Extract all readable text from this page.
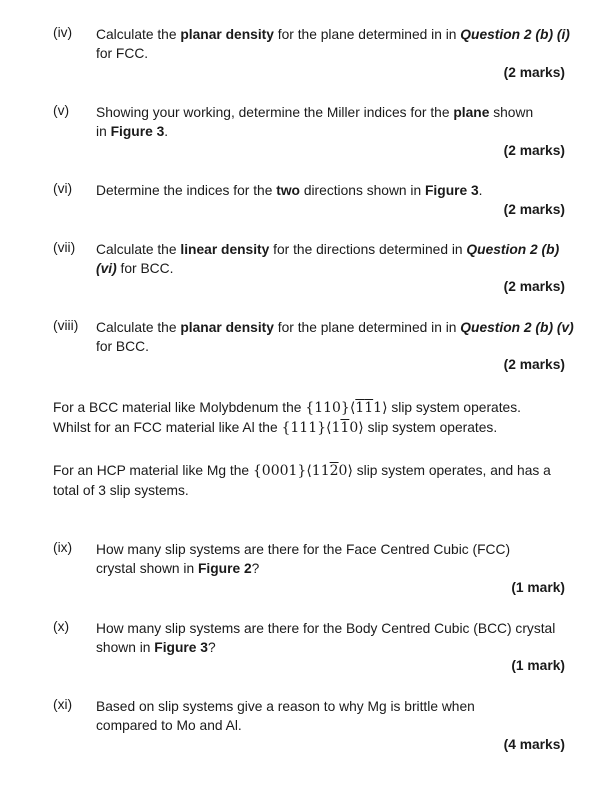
(iv) Calculate the planar density for the plane determined in in Question 2 (b) (i) for FCC.
(2 marks)
(v) Showing your working, determine the Miller indices for the plane shown in Figure 3.
(2 marks)
(vi) Determine the indices for the two directions shown in Figure 3.
(2 marks)
(vii) Calculate the linear density for the directions determined in Question 2 (b) (vi) for BCC.
(2 marks)
(viii) Calculate the planar density for the plane determined in in Question 2 (b) (v) for BCC.
(2 marks)
For a BCC material like Molybdenum the {110}⟨111⟩ slip system operates.
Whilst for an FCC material like Al the {111}⟨110⟩ slip system operates.
For an HCP material like Mg the {0001}⟨1120⟩ slip system operates, and has a total of 3 slip systems.
(ix) How many slip systems are there for the Face Centred Cubic (FCC) crystal shown in Figure 2?
(1 mark)
(x) How many slip systems are there for the Body Centred Cubic (BCC) crystal shown in Figure 3?
(1 mark)
(xi) Based on slip systems give a reason to why Mg is brittle when compared to Mo and Al.
(4 marks)
